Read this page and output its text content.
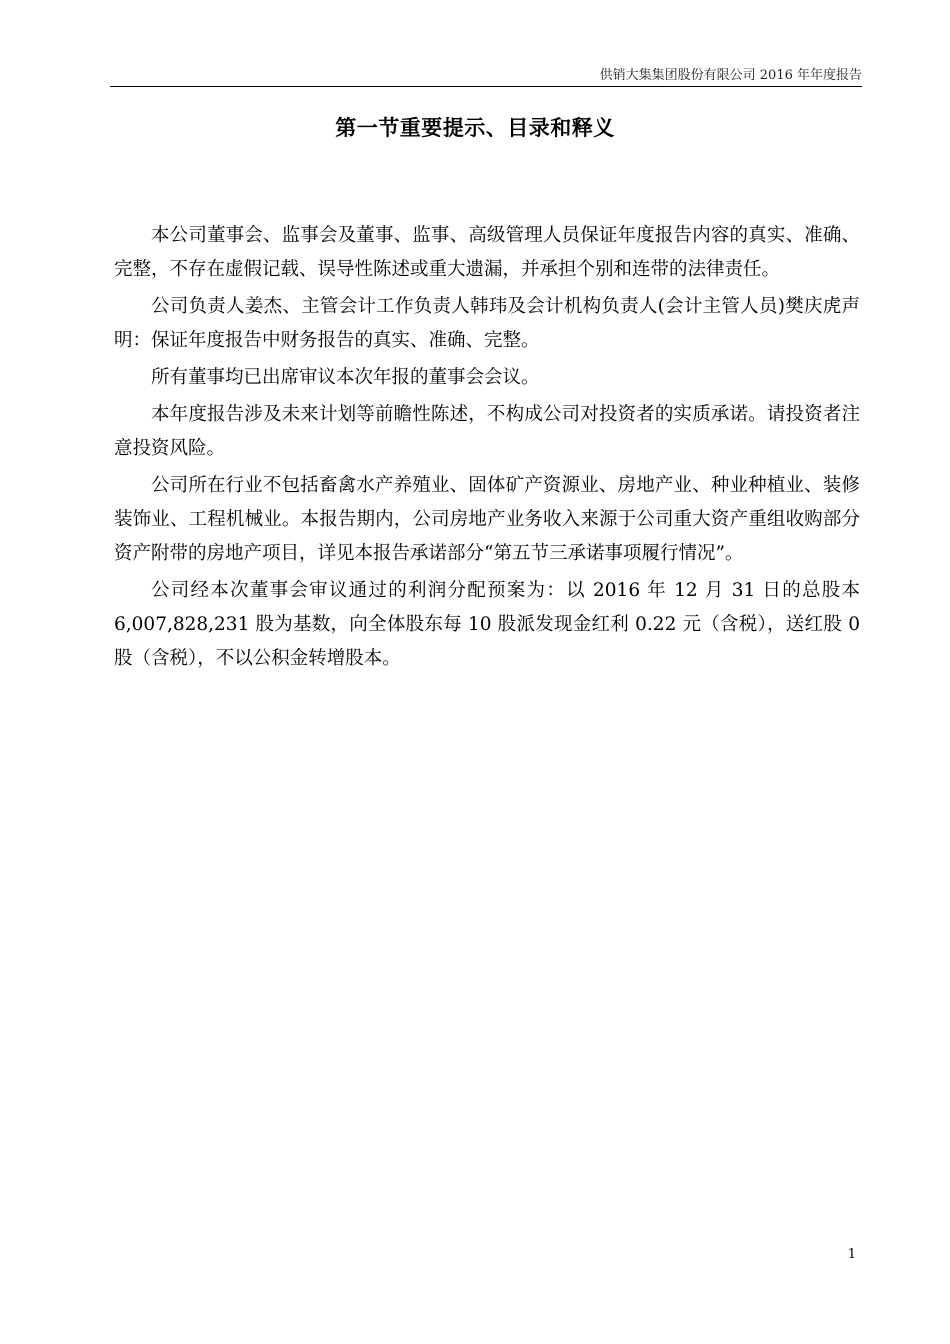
供销大集集团股份有限公司 2016 年年度报告
第一节重要提示、目录和释义

本公司董事会、监事会及董事、监事、高级管理人员保证年度报告内容的真实、准确、完整，不存在虚假记载、误导性陈述或重大遗漏，并承担个别和连带的法律责任。

公司负责人姜杰、主管会计工作负责人韩玮及会计机构负责人(会计主管人员)樊庆虎声明：保证年度报告中财务报告的真实、准确、完整。

所有董事均已出席审议本次年报的董事会会议。

本年度报告涉及未来计划等前瞻性陈述，不构成公司对投资者的实质承诺。请投资者注意投资风险。

公司所在行业不包括畜禽水产养殖业、固体矿产资源业、房地产业、种业种植业、装修装饰业、工程机械业。本报告期内，公司房地产业务收入来源于公司重大资产重组收购部分资产附带的房地产项目，详见本报告承诺部分“第五节三承诺事项履行情况”。

公司经本次董事会审议通过的利润分配预案为：以 2016 年 12 月 31 日的总股本 6,007,828,231 股为基数，向全体股东每 10 股派发现金红利 0.22 元（含税），送红股 0 股（含税），不以公积金转增股本。

1
